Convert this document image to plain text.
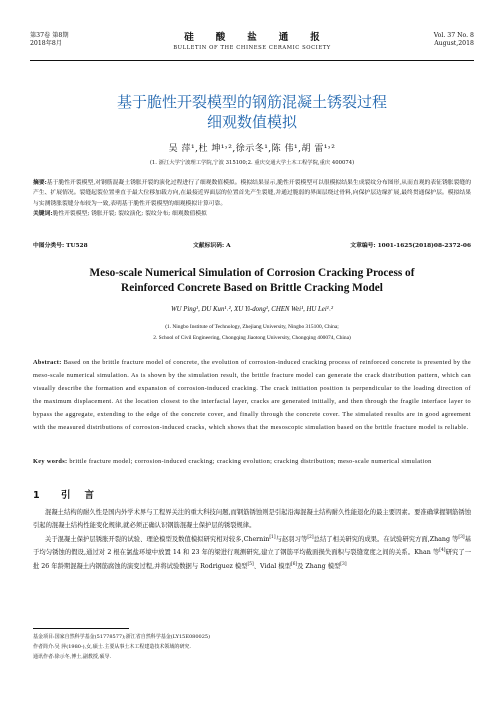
第37卷 第8期
2018年8月
硅酸盐通报
BULLETIN OF THE CHINESE CERAMIC SOCIETY
Vol. 37 No. 8
August,2018
基于脆性开裂模型的钢筋混凝土锈裂过程
细观数值模拟
吴 萍¹,杜 坤¹˒²,徐示冬¹,陈 伟¹,胡 雷¹˒²
(1. 浙江大学宁波理工学院,宁波 315100;2. 重庆交通大学土木工程学院,重庆 400074)
摘要:基于脆性开裂模型,对钢筋混凝土锈胀开裂的演化过程进行了细观数值模拟。模拟结果显示,脆性开裂模型可以很模拟结果生成裂纹分布图形,从而直观的表征锈胀裂缝的产生、扩展情况。裂缝起裂位置垂直于最大位移加载方向,在最接近界面层的位置首先产生裂缝,并通过脆弱的界面层绕过骨料,向保护层边缘扩展,最终贯通保护层。模拟结果与实测锈胀裂缝分布较为一致,表明基于脆性开裂模型的细观模拟计算可靠。
关键词:脆性开裂模型; 锈胀开裂; 裂纹演化; 裂纹分布; 细观数值模拟
中图分类号: TU528	文献标识码: A	文章编号: 1001-1625(2018)08-2372-06
Meso-scale Numerical Simulation of Corrosion Cracking Process of
Reinforced Concrete Based on Brittle Cracking Model
WU Ping¹, DU Kun¹˒², XU Yi-dong¹, CHEN Wei¹, HU Lei¹˒²
(1. Ningbo Institute of Technology, Zhejiang University, Ningbo 315100, China;
2. School of Civil Engineering, Chongqing Jiaotong University, Chongqing 400074, China)
Abstract: Based on the brittle fracture model of concrete, the evolution of corrosion-induced cracking process of reinforced concrete is presented by the meso-scale numerical simulation. As is shown by the simulation result, the brittle fracture model can generate the crack distribution pattern, which can visually describe the formation and expansion of corrosion-induced cracking. The crack initiation position is perpendicular to the loading direction of the maximum displacement. At the location closest to the interfacial layer, cracks are generated initially, and then through the fragile interface layer to bypass the aggregate, extending to the edge of the concrete cover, and finally through the concrete cover. The simulated results are in good agreement with the measured distributions of corrosion-induced cracks, which shows that the mesoscopic simulation based on the brittle fracture model is reliable.
Key words: brittle fracture model; corrosion-induced cracking; cracking evolution; cracking distribution; meso-scale numerical simulation
1 引言

混凝土结构的耐久性是国内外学术界与工程界关注的重大科技问题,而钢筋锈蚀则是引起沿海混凝土结构耐久性能退化的最主要因素。要准确掌握钢筋锈蚀引起的混凝土结构性能变化规律,就必须正确认识钢筋混凝土保护层的锈裂规律。

关于混凝土保护层锈胀开裂的试验、理论模型及数值模拟研究相对较多,Chernin[1]与赵羽习等[2]总结了相关研究的成果。在试验研究方面,Zhang 等[3]基于均匀锈蚀的假设,通过对 2 根在氯盐环境中放置 14 和 23 年的梁进行观测研究,建立了钢筋平均截面损失面积与裂缝宽度之间的关系。Khan 等[4]研究了一批 26 年龄期混凝土内钢筋腐蚀的演变过程,并将试验数据与 Rodriguez 模型[5]、Vidal 模型[6]及 Zhang 模型[3]

基金项目:国家自然科学基金(51778577);浙江省自然科学基金(LY15E080025)
作者简介:吴 萍(1980-),女,硕士.主要从事土木工程建造技术领域的研究.
通讯作者:徐示冬,博士,副教授,硕导.
